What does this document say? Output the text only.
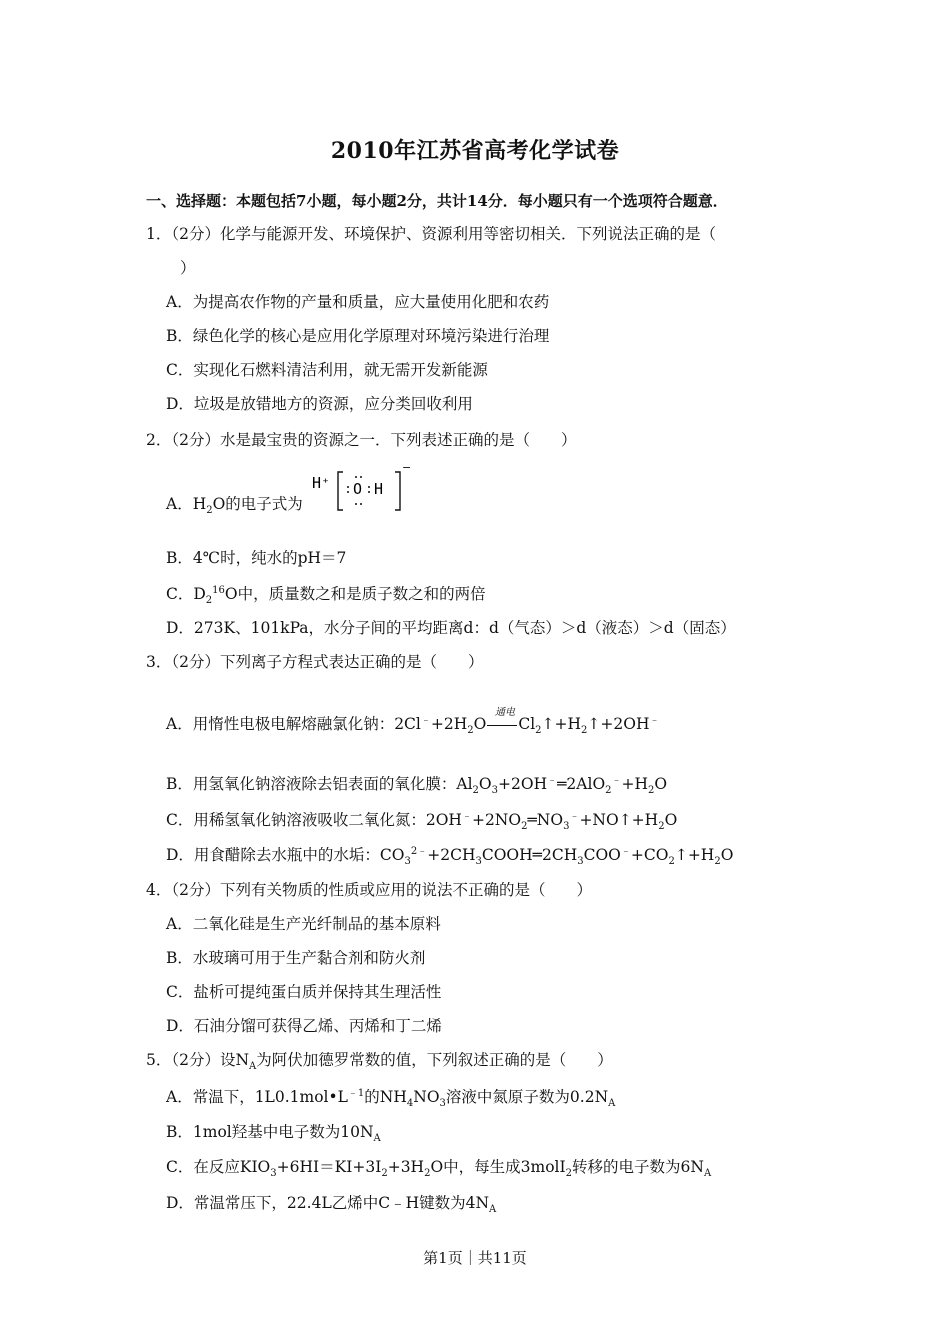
2010年江苏省高考化学试卷
一、选择题：本题包括7小题，每小题2分，共计14分．每小题只有一个选项符合题意．
1．（2分）化学与能源开发、环境保护、资源利用等密切相关．下列说法正确的是（
）
A．为提高农作物的产量和质量，应大量使用化肥和农药
B．绿色化学的核心是应用化学原理对环境污染进行治理
C．实现化石燃料清洁利用，就无需开发新能源
D．垃圾是放错地方的资源，应分类回收利用
2．（2分）水是最宝贵的资源之一．下列表述正确的是（　　）
A．$H_2O$的电子式为
H⁺
−
O H
B．4℃时，纯水的pH＝7
C．$D_2^{16}O$中，质量数之和是质子数之和的两倍
D．273K、101kPa，水分子间的平均距离d：d（气态）＞d（液态）＞d（固态）
3．（2分）下列离子方程式表达正确的是（　　）
通电
A．用惰性电极电解熔融氯化钠：$2Cl^﹣+2H_2O$ $Cl_2↑+H_2↑+2OH^﹣$
B．用氢氧化钠溶液除去铝表面的氧化膜：$Al_2O_3+2OH^﹣═2AlO_2^﹣+H_2O$
C．用稀氢氧化钠溶液吸收二氧化氮：$2OH^﹣+2NO_2═NO_3^﹣+NO↑+H_2O$
D．用食醋除去水瓶中的水垢：$CO_3^{2﹣}+2CH_3COOH═2CH_3COO^﹣+CO_2↑+H_2O$
4．（2分）下列有关物质的性质或应用的说法不正确的是（　　）
A．二氧化硅是生产光纤制品的基本原料
B．水玻璃可用于生产黏合剂和防火剂
C．盐析可提纯蛋白质并保持其生理活性
D．石油分馏可获得乙烯、丙烯和丁二烯
5．（2分）设$N_A$为阿伏加德罗常数的值，下列叙述正确的是（　　）
A．常温下，$1L0.1mol•L^{﹣1}$的$NH_4NO_3$溶液中氮原子数为$0.2N_A$
B．1mol羟基中电子数为$10N_A$
C．在反应$KIO_3+6HI=KI+3I_2+3H_2O$中，每生成3molI$_2$转移的电子数为$6N_A$
D．常温常压下，22.4L乙烯中C﹣H键数为$4N_A$
第1页｜共11页
